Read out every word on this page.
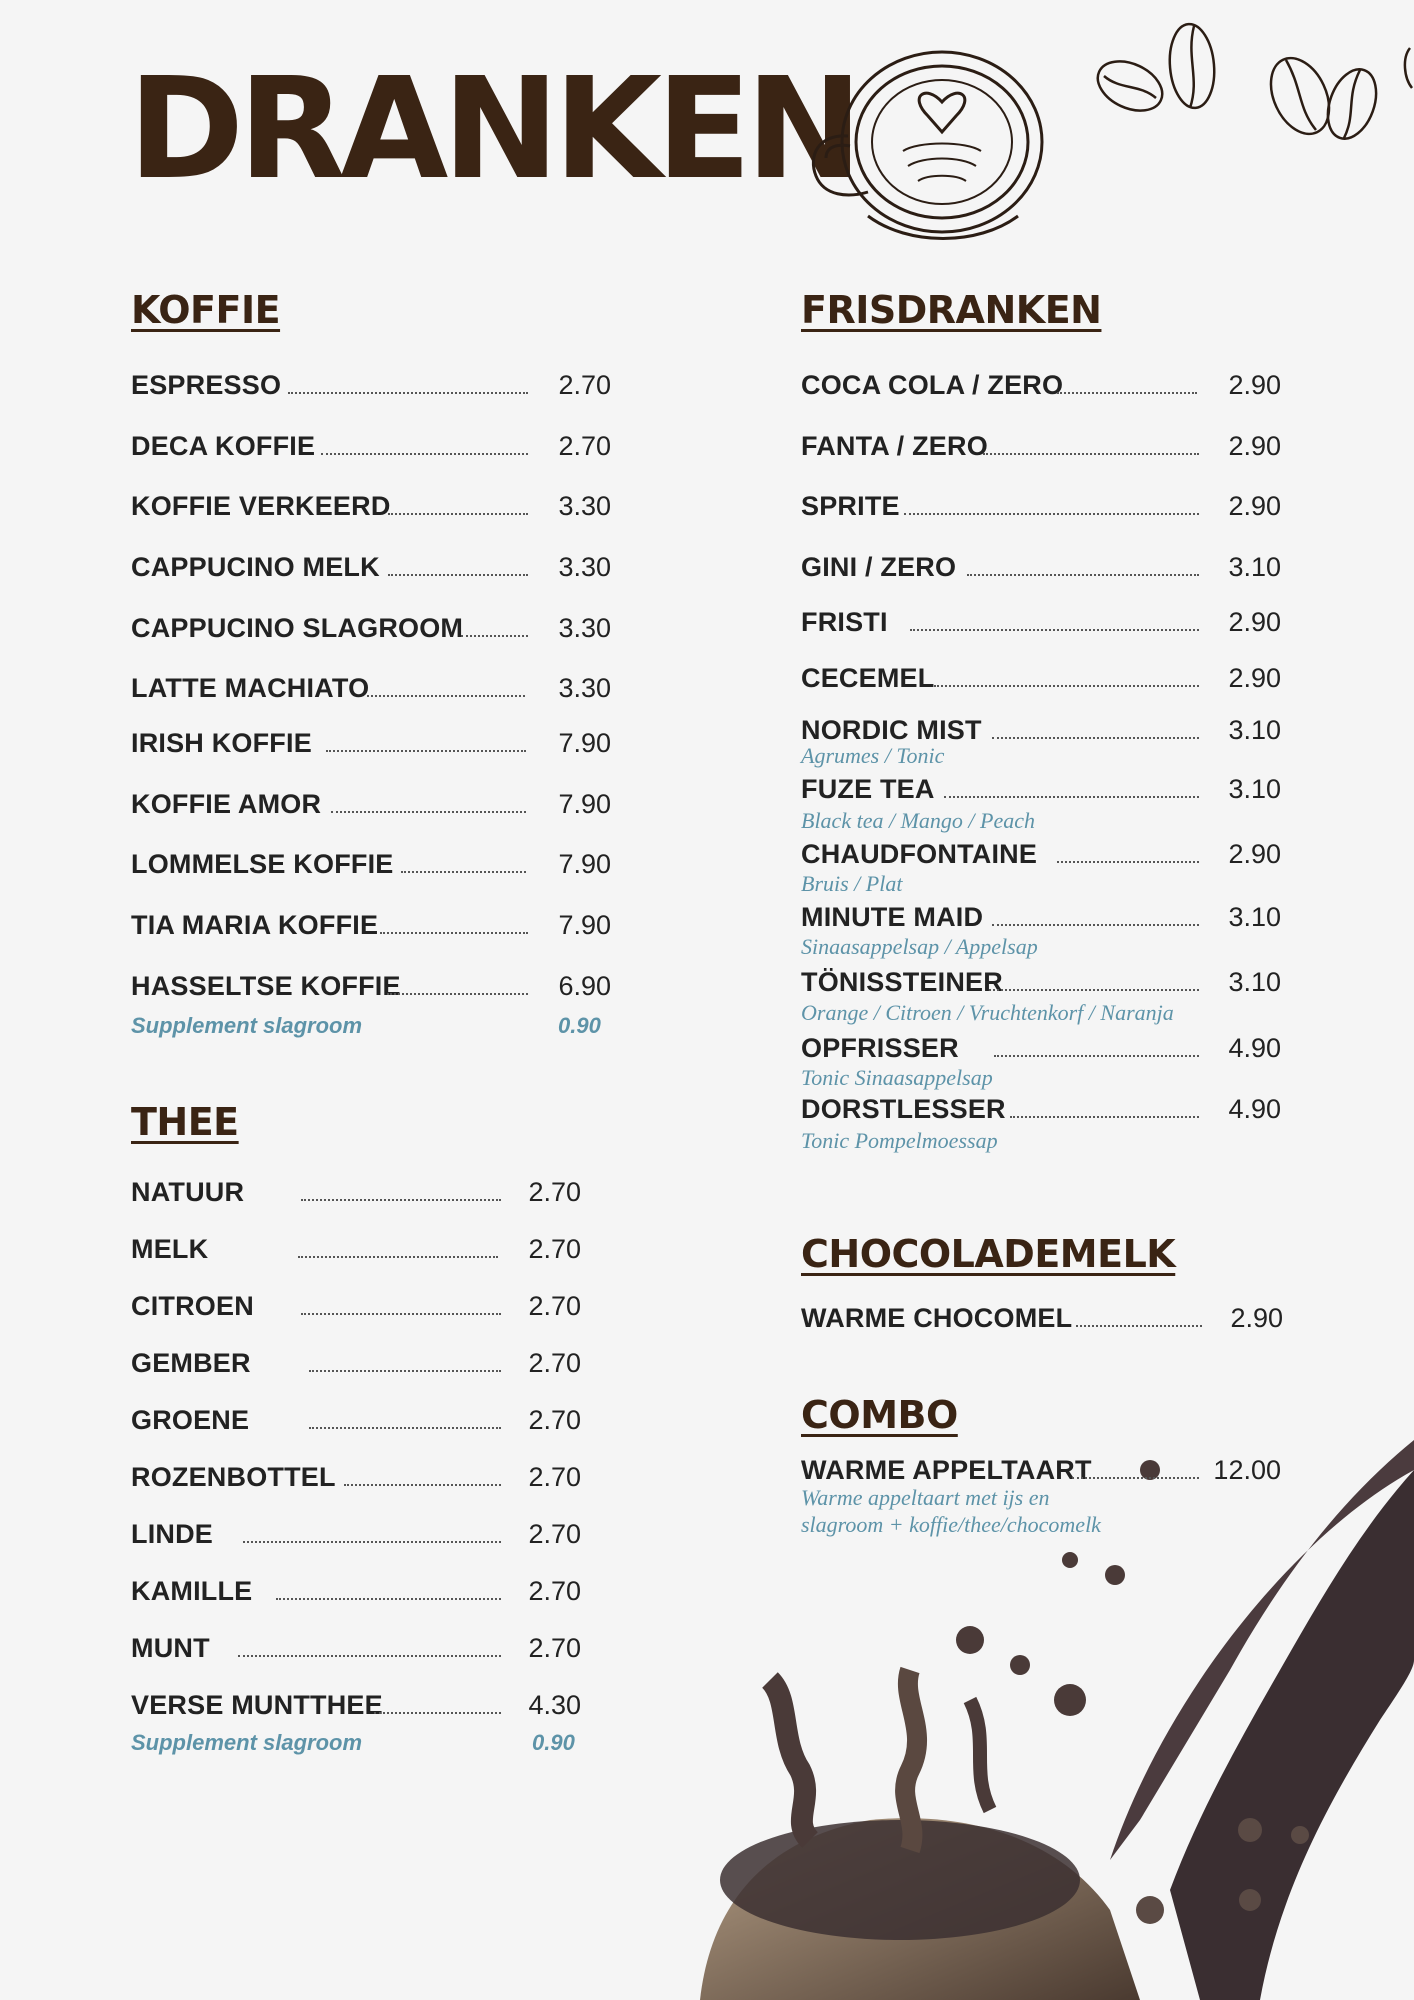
DRANKEN
KOFFIE
ESPRESSO	2.70
DECA KOFFIE	2.70
KOFFIE VERKEERD	3.30
CAPPUCINO MELK	3.30
CAPPUCINO SLAGROOM	3.30
LATTE MACHIATO	3.30
IRISH KOFFIE	7.90
KOFFIE AMOR	7.90
LOMMELSE KOFFIE	7.90
TIA MARIA KOFFIE	7.90
HASSELTSE KOFFIE	6.90
Supplement slagroom	0.90
THEE
NATUUR	2.70
MELK	2.70
CITROEN	2.70
GEMBER	2.70
GROENE	2.70
ROZENBOTTEL	2.70
LINDE	2.70
KAMILLE	2.70
MUNT	2.70
VERSE MUNTTHEE	4.30
Supplement slagroom	0.90
FRISDRANKEN
COCA COLA / ZERO	2.90
FANTA / ZERO	2.90
SPRITE	2.90
GINI / ZERO	3.10
FRISTI	2.90
CECEMEL	2.90
NORDIC MIST	3.10
Agrumes / Tonic
FUZE TEA	3.10
Black tea / Mango / Peach
CHAUDFONTAINE	2.90
Bruis / Plat
MINUTE MAID	3.10
Sinaasappelsap / Appelsap
TÖNISSTEINER	3.10
Orange / Citroen / Vruchtenkorf / Naranja
OPFRISSER	4.90
Tonic Sinaasappelsap
DORSTLESSER	4.90
Tonic Pompelmoessap
CHOCOLADEMELK
WARME CHOCOMEL	2.90
COMBO
WARME APPELTAART	12.00
Warme appeltaart met ijs en
slagroom + koffie/thee/chocomelk
